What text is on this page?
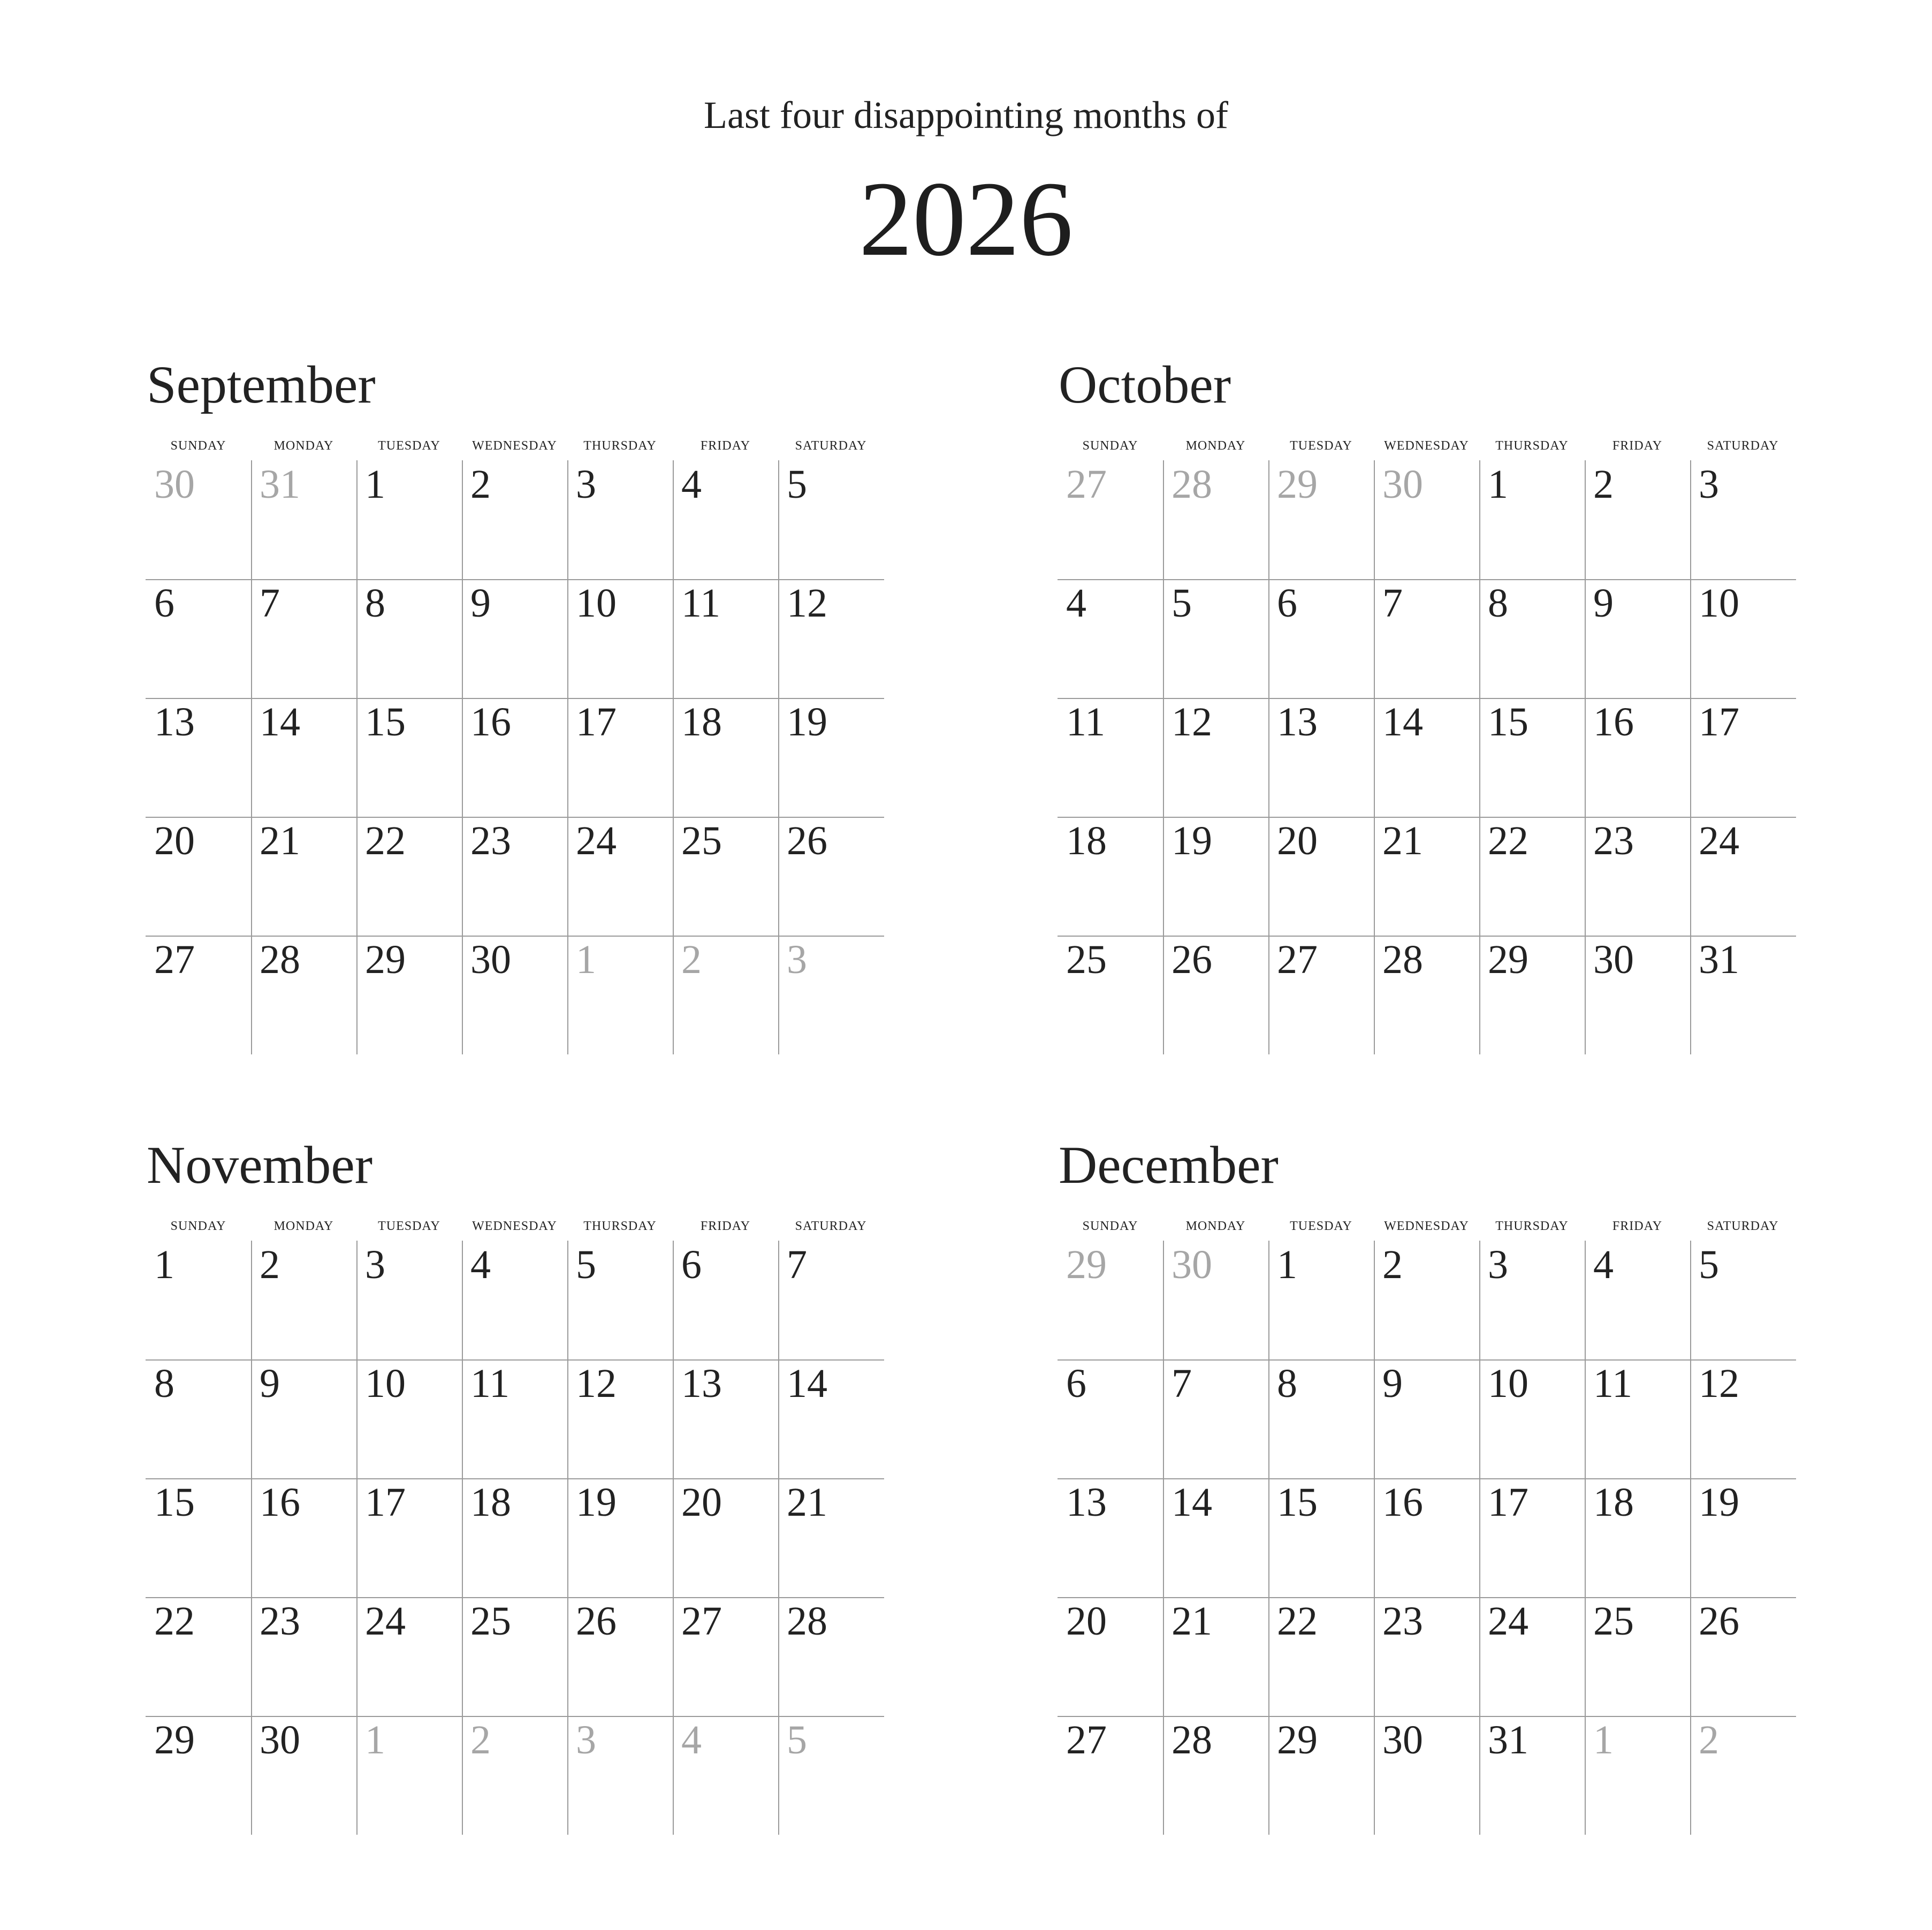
Last four disappointing months of
2026
September
SUNDAY	MONDAY	TUESDAY	WEDNESDAY	THURSDAY	FRIDAY	SATURDAY
30 31 1 2 3 4 5
6 7 8 9 10 11 12
13 14 15 16 17 18 19
20 21 22 23 24 25 26
27 28 29 30 1 2 3
October
SUNDAY	MONDAY	TUESDAY	WEDNESDAY	THURSDAY	FRIDAY	SATURDAY
27 28 29 30 1 2 3
4 5 6 7 8 9 10
11 12 13 14 15 16 17
18 19 20 21 22 23 24
25 26 27 28 29 30 31
November
SUNDAY	MONDAY	TUESDAY	WEDNESDAY	THURSDAY	FRIDAY	SATURDAY
1 2 3 4 5 6 7
8 9 10 11 12 13 14
15 16 17 18 19 20 21
22 23 24 25 26 27 28
29 30 1 2 3 4 5
December
SUNDAY	MONDAY	TUESDAY	WEDNESDAY	THURSDAY	FRIDAY	SATURDAY
29 30 1 2 3 4 5
6 7 8 9 10 11 12
13 14 15 16 17 18 19
20 21 22 23 24 25 26
27 28 29 30 31 1 2
